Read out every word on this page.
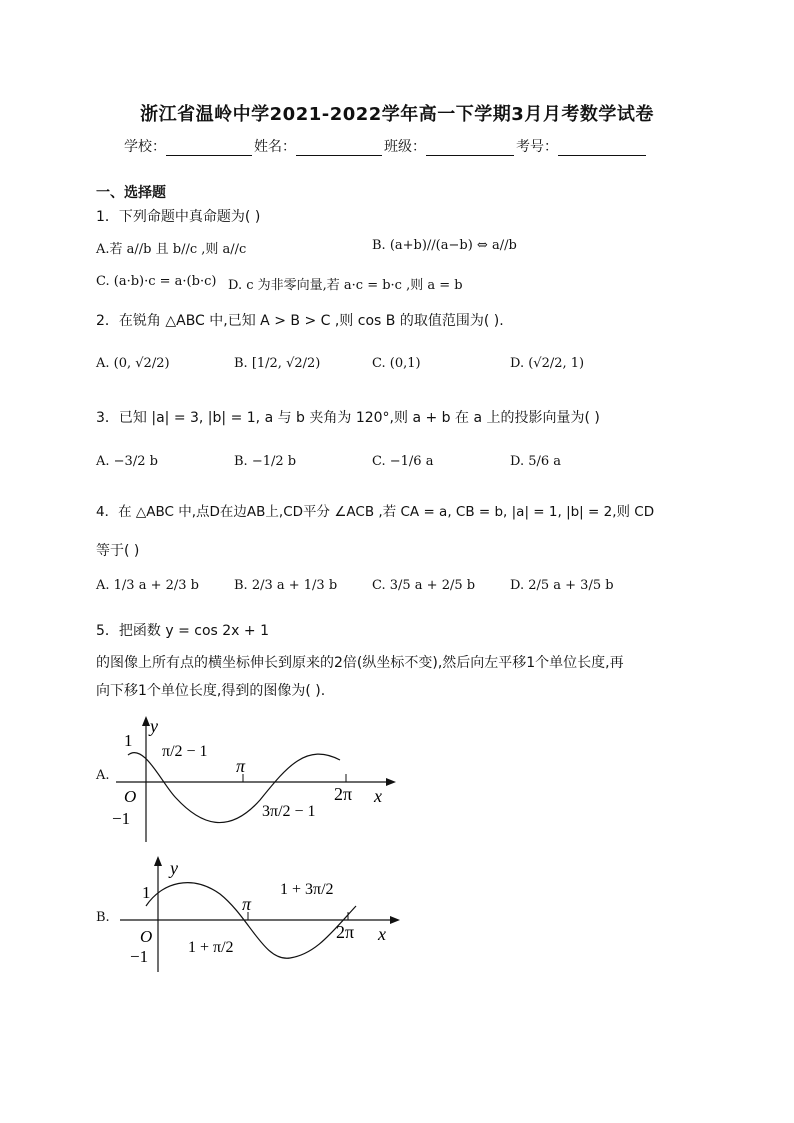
浙江省温岭中学2021-2022学年高一下学期3月月考数学试卷
学校：	姓名：	班级：	考号：
一、选择题
1．下列命题中真命题为( )
A.若 a//b 且 b//c ,则 a//c	B. (a+b)//(a−b) ⇔ a//b
C. (a·b)·c = a·(b·c) D. c 为非零向量,若 a·c = b·c ,则 a = b
2．在锐角 △ABC 中,已知 A > B > C ,则 cos B 的取值范围为( ).
A. (0, √2/2)	B. [1/2, √2/2)	C. (0,1)	D. (√2/2, 1)
3．已知 |a| = 3, |b| = 1, a 与 b 夹角为 120°,则 a + b 在 a 上的投影向量为( )
A. −3/2 b	B. −1/2 b	C. −1/6 a	D. 5/6 a
4．在 △ABC 中,点D在边AB上,CD平分 ∠ACB ,若 CA = a, CB = b, |a| = 1, |b| = 2,则 CD
等于( )
A. 1/3 a + 2/3 b	B. 2/3 a + 1/3 b	C. 3/5 a + 2/5 b	D. 2/5 a + 3/5 b
5．把函数 y = cos 2x + 1
的图像上所有点的横坐标伸长到原来的2倍(纵坐标不变),然后向左平移1个单位长度,再
向下移1个单位长度,得到的图像为( ).
A.
B.
y
x
O
1
−1
π
2π
π/2 − 1
3π/2 − 1
y
x
O
1
−1
π
2π
1 + π/2
1 + 3π/2
